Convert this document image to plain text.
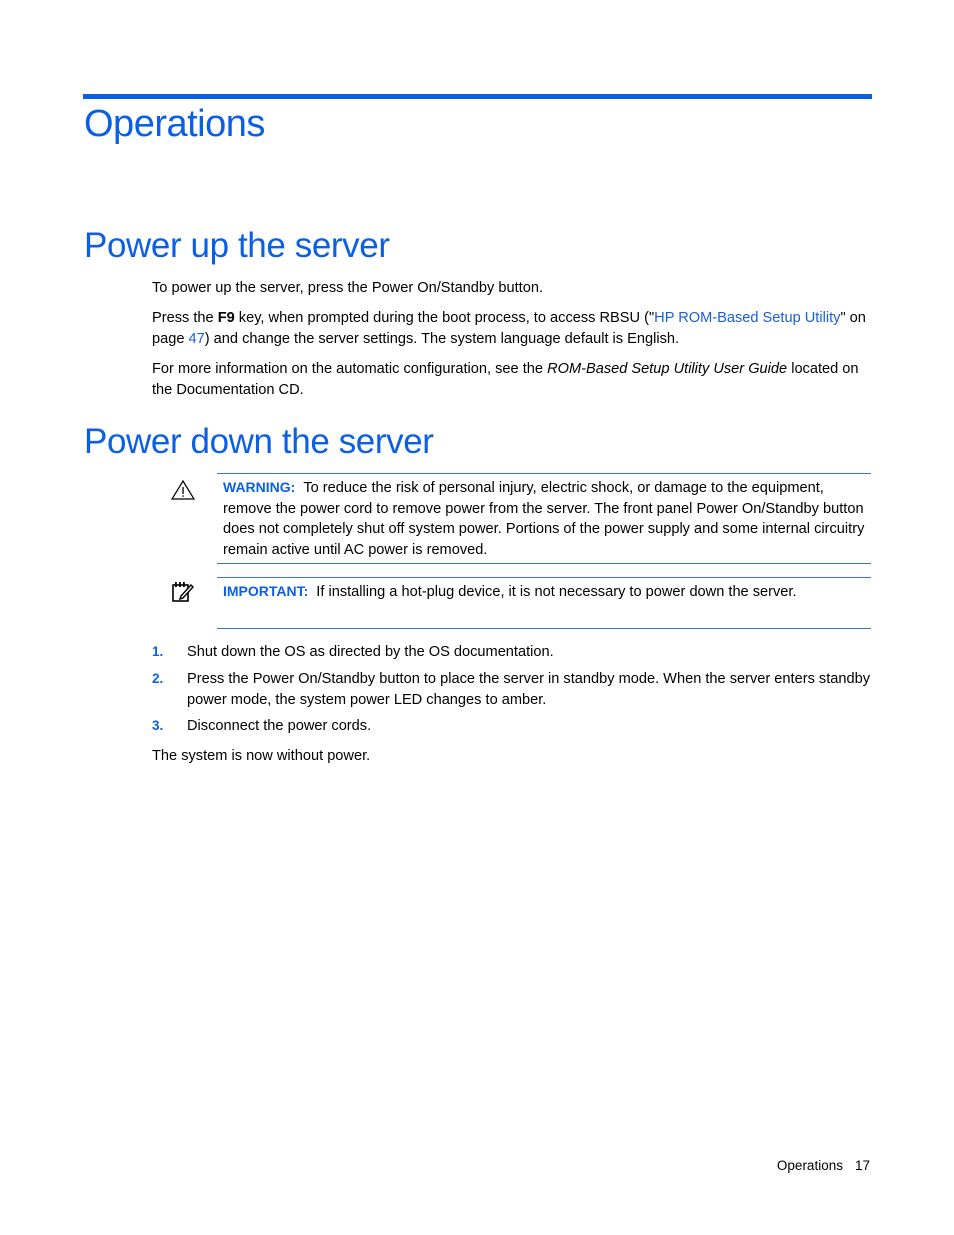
Operations
Power up the server

To power up the server, press the Power On/Standby button.

Press the F9 key, when prompted during the boot process, to access RBSU ("HP ROM-Based Setup Utility" on page 47) and change the server settings. The system language default is English.

For more information on the automatic configuration, see the ROM-Based Setup Utility User Guide located on the Documentation CD.

Power down the server

WARNING: To reduce the risk of personal injury, electric shock, or damage to the equipment, remove the power cord to remove power from the server. The front panel Power On/Standby button does not completely shut off system power. Portions of the power supply and some internal circuitry remain active until AC power is removed.

IMPORTANT: If installing a hot-plug device, it is not necessary to power down the server.

1. Shut down the OS as directed by the OS documentation.
2. Press the Power On/Standby button to place the server in standby mode. When the server enters standby power mode, the system power LED changes to amber.
3. Disconnect the power cords.

The system is now without power.

Operations 17
